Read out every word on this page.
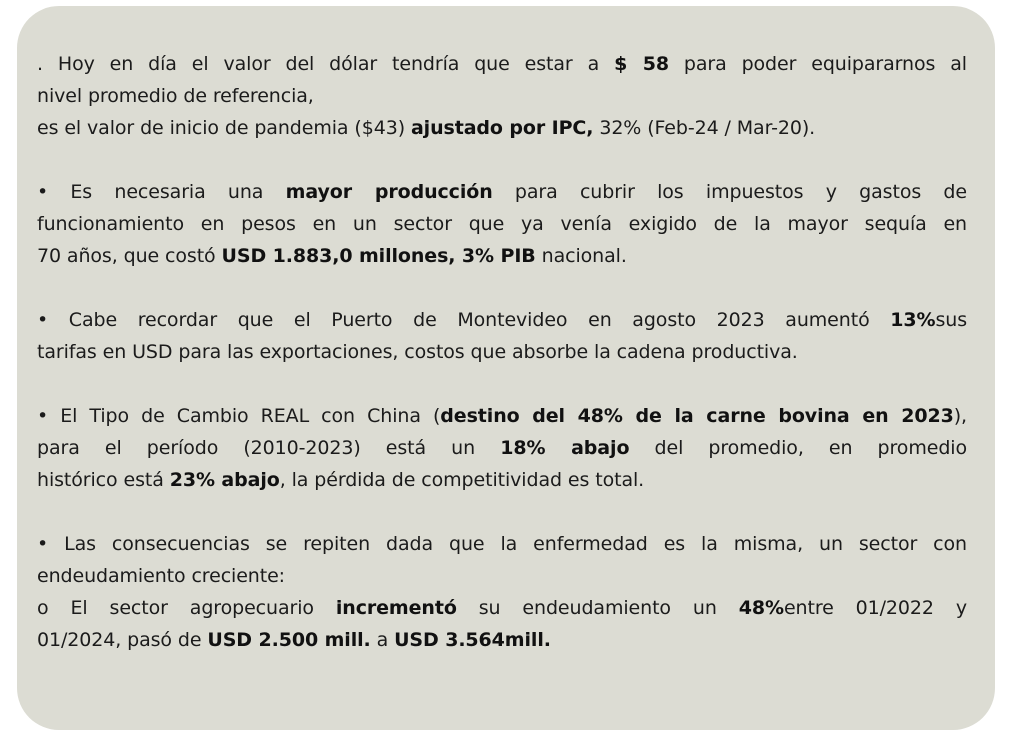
. Hoy en día el valor del dólar tendría que estar a $ 58 para poder equipararnos al
nivel promedio de referencia,
es el valor de inicio de pandemia ($43) ajustado por IPC, 32% (Feb-24 / Mar-20).
• Es necesaria una mayor producción para cubrir los impuestos y gastos de
funcionamiento en pesos en un sector que ya venía exigido de la mayor sequía en
70 años, que costó USD 1.883,0 millones, 3% PIB nacional.
• Cabe recordar que el Puerto de Montevideo en agosto 2023 aumentó 13%sus
tarifas en USD para las exportaciones, costos que absorbe la cadena productiva.
• El Tipo de Cambio REAL con China (destino del 48% de la carne bovina en 2023),
para el período (2010-2023) está un 18% abajo del promedio, en promedio
histórico está 23% abajo, la pérdida de competitividad es total.
• Las consecuencias se repiten dada que la enfermedad es la misma, un sector con
endeudamiento creciente:
o El sector agropecuario incrementó su endeudamiento un 48%entre 01/2022 y
01/2024, pasó de USD 2.500 mill. a USD 3.564mill.
